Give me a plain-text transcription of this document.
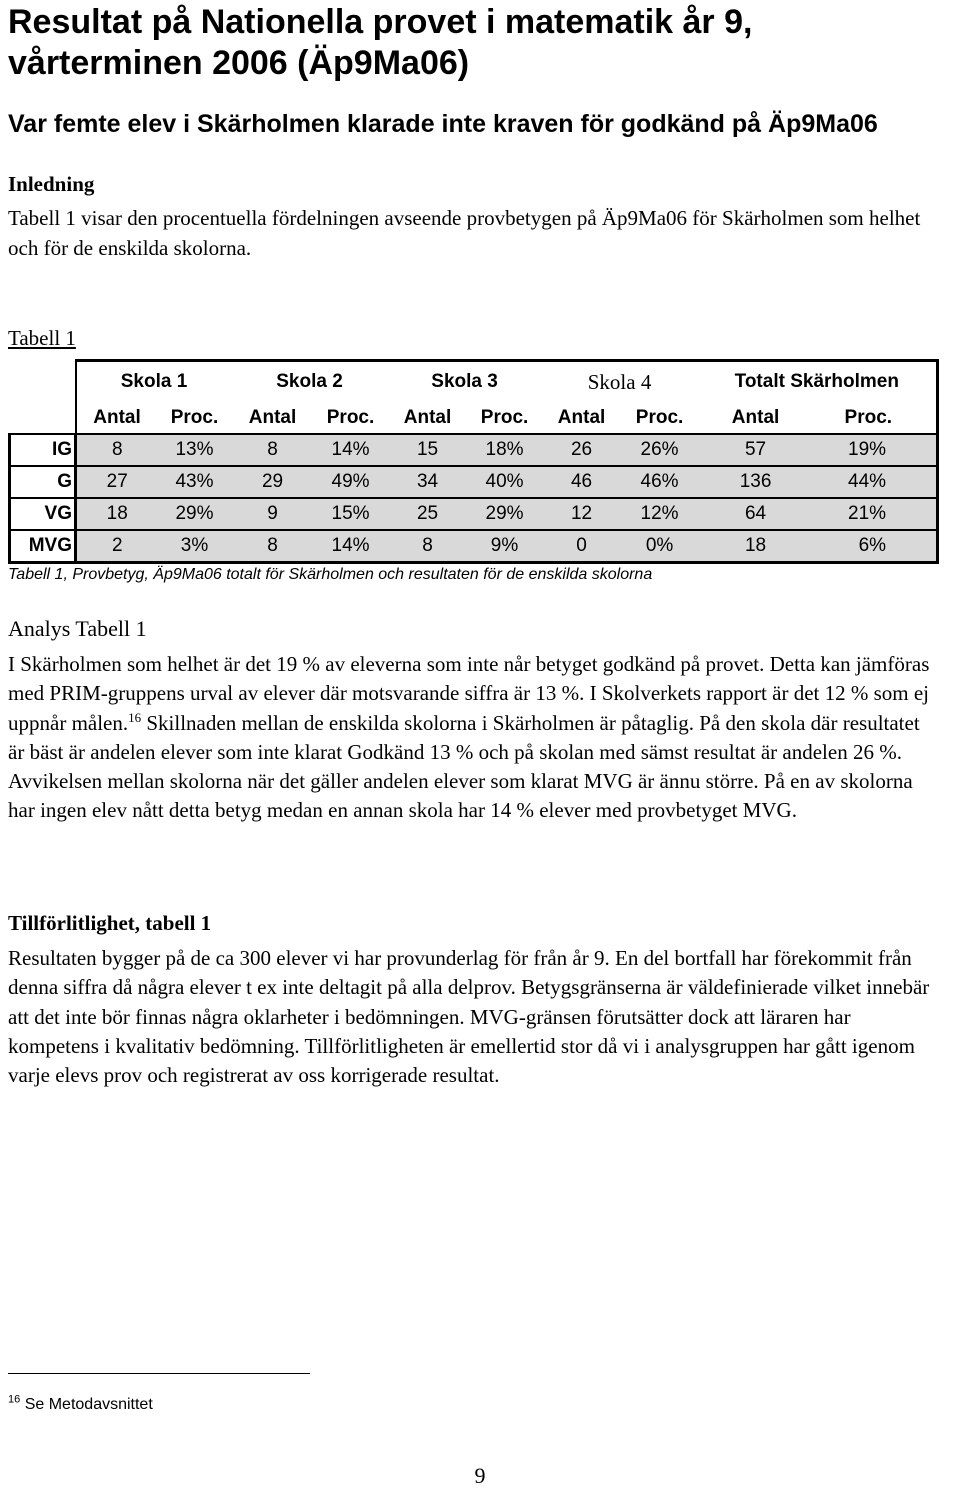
Resultat på Nationella provet i matematik år 9, vårterminen 2006 (Äp9Ma06)
Var femte elev i Skärholmen klarade inte kraven för godkänd på Äp9Ma06
Inledning
Tabell 1 visar den procentuella fördelningen avseende provbetygen på Äp9Ma06 för Skärholmen som helhet och för de enskilda skolorna.
Tabell 1
	Skola 1		Skola 2		Skola 3		Skola 4		Totalt Skärholmen	
	Antal	Proc.	Antal	Proc.	Antal	Proc.	Antal	Proc.	Antal	Proc.
IG	8	13%	8	14%	15	18%	26	26%	57	19%
G	27	43%	29	49%	34	40%	46	46%	136	44%
VG	18	29%	9	15%	25	29%	12	12%	64	21%
MVG	2	3%	8	14%	8	9%	0	0%	18	6%
Tabell 1, Provbetyg, Äp9Ma06 totalt för Skärholmen och resultaten för de enskilda skolorna
Analys Tabell 1
I Skärholmen som helhet är det 19 % av eleverna som inte når betyget godkänd på provet. Detta kan jämföras med PRIM-gruppens urval av elever där motsvarande siffra är 13 %. I Skolverkets rapport är det 12 % som ej uppnår målen.$^{16}$ Skillnaden mellan de enskilda skolorna i Skärholmen är påtaglig. På den skola där resultatet är bäst är andelen elever som inte klarat Godkänd 13 % och på skolan med sämst resultat är andelen 26 %. Avvikelsen mellan skolorna när det gäller andelen elever som klarat MVG är ännu större. På en av skolorna har ingen elev nått detta betyg medan en annan skola har 14 % elever med provbetyget MVG.
Tillförlitlighet, tabell 1
Resultaten bygger på de ca 300 elever vi har provunderlag för från år 9. En del bortfall har förekommit från denna siffra då några elever t ex inte deltagit på alla delprov. Betygsgränserna är väldefinierade vilket innebär att det inte bör finnas några oklarheter i bedömningen. MVG-gränsen förutsätter dock att läraren har kompetens i kvalitativ bedömning. Tillförlitligheten är emellertid stor då vi i analysgruppen har gått igenom varje elevs prov och registrerat av oss korrigerade resultat.
$^{16}$ Se Metodavsnittet
9
